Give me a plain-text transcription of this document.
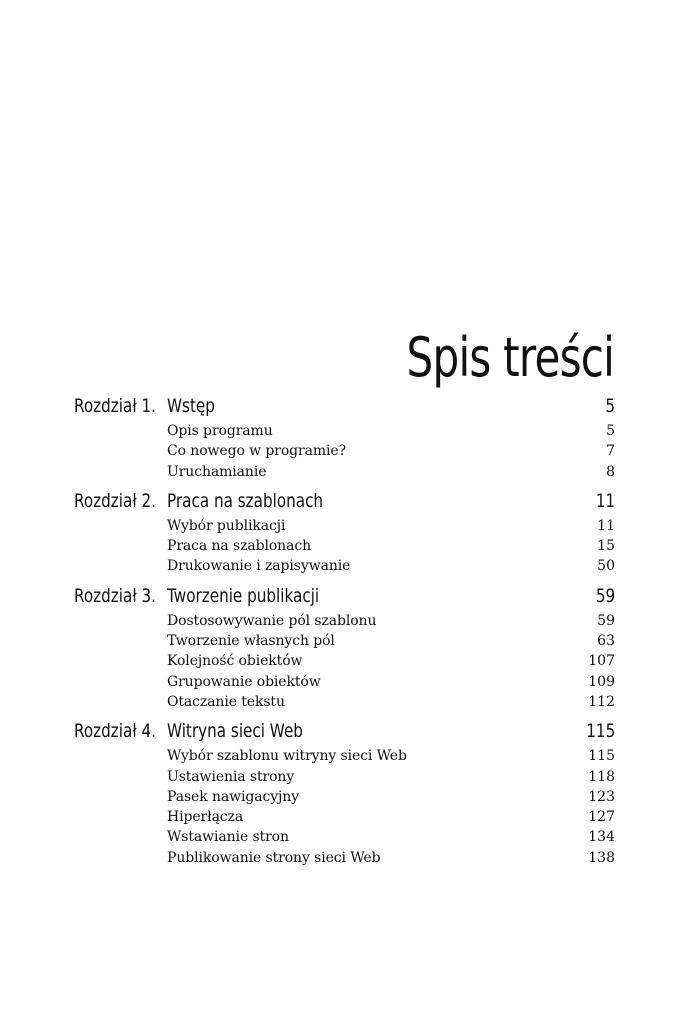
Spis treści
Rozdział 1. Wstęp	5
Opis programu	5
Co nowego w programie?	7
Uruchamianie	8
Rozdział 2. Praca na szablonach	11
Wybór publikacji	11
Praca na szablonach	15
Drukowanie i zapisywanie	50
Rozdział 3. Tworzenie publikacji	59
Dostosowywanie pól szablonu	59
Tworzenie własnych pól	63
Kolejność obiektów	107
Grupowanie obiektów	109
Otaczanie tekstu	112
Rozdział 4. Witryna sieci Web	115
Wybór szablonu witryny sieci Web	115
Ustawienia strony	118
Pasek nawigacyjny	123
Hiperłącza	127
Wstawianie stron	134
Publikowanie strony sieci Web	138
